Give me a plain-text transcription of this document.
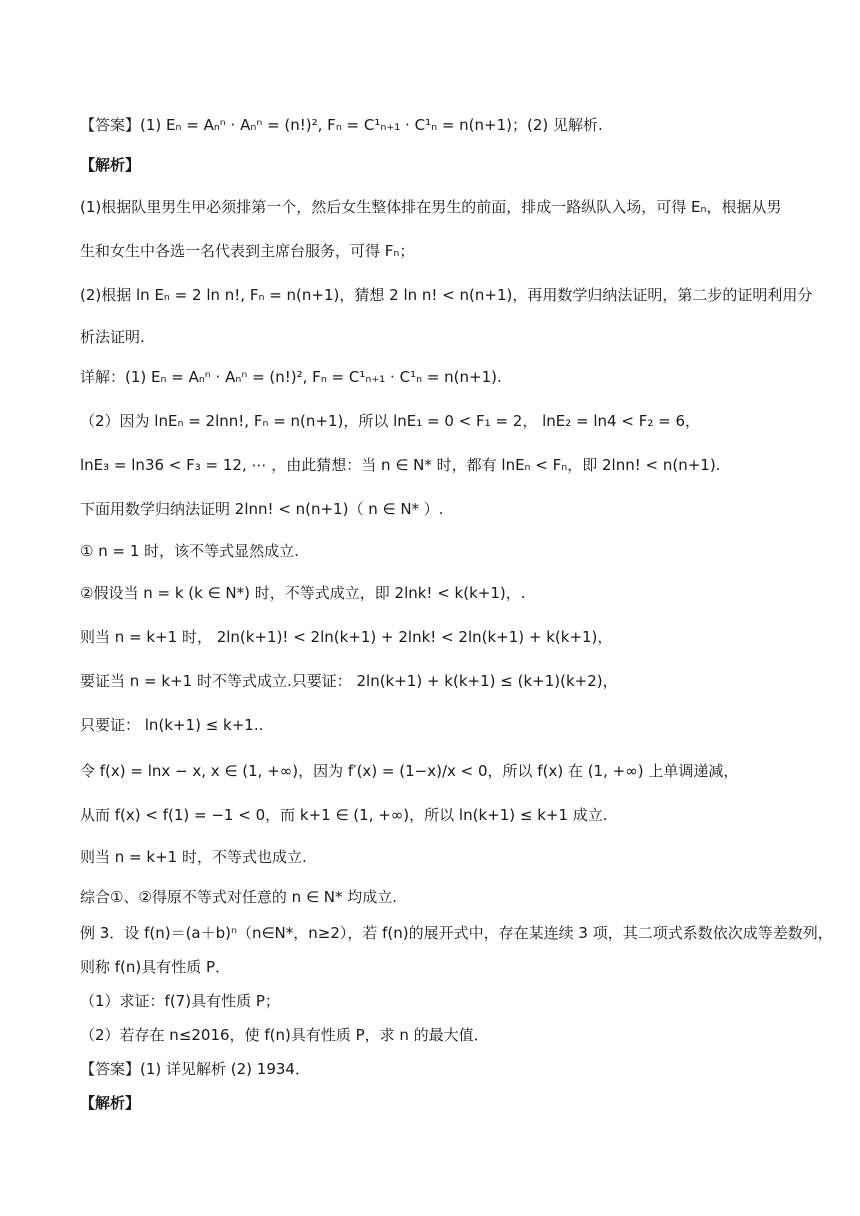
【答案】(1) Eₙ = Aₙⁿ · Aₙⁿ = (n!)², Fₙ = C¹ₙ₊₁ · C¹ₙ = n(n+1)；(2) 见解析.
【解析】
(1)根据队里男生甲必须排第一个，然后女生整体排在男生的前面，排成一路纵队入场，可得 Eₙ，根据从男
生和女生中各选一名代表到主席台服务，可得 Fₙ；
(2)根据 ln Eₙ = 2 ln n!, Fₙ = n(n+1)，猜想 2 ln n! < n(n+1)，再用数学归纳法证明，第二步的证明利用分
析法证明.
详解：(1) Eₙ = Aₙⁿ · Aₙⁿ = (n!)², Fₙ = C¹ₙ₊₁ · C¹ₙ = n(n+1).
（2）因为 lnEₙ = 2lnn!, Fₙ = n(n+1)，所以 lnE₁ = 0 < F₁ = 2， lnE₂ = ln4 < F₂ = 6，
lnE₃ = ln36 < F₃ = 12, ⋯ ，由此猜想：当 n ∈ N* 时，都有 lnEₙ < Fₙ，即 2lnn! < n(n+1).
下面用数学归纳法证明 2lnn! < n(n+1)（ n ∈ N* ）.
① n = 1 时，该不等式显然成立.
②假设当 n = k (k ∈ N*) 时，不等式成立，即 2lnk! < k(k+1)，.
则当 n = k+1 时， 2ln(k+1)! < 2ln(k+1) + 2lnk! < 2ln(k+1) + k(k+1)，
要证当 n = k+1 时不等式成立.只要证： 2ln(k+1) + k(k+1) ≤ (k+1)(k+2)，
只要证： ln(k+1) ≤ k+1..
令 f(x) = lnx − x, x ∈ (1, +∞)，因为 f′(x) = (1−x)/x < 0，所以 f(x) 在 (1, +∞) 上单调递减，
从而 f(x) < f(1) = −1 < 0，而 k+1 ∈ (1, +∞)，所以 ln(k+1) ≤ k+1 成立.
则当 n = k+1 时，不等式也成立.
综合①、②得原不等式对任意的 n ∈ N* 均成立.
例 3．设 f(n)＝(a＋b)ⁿ（n∈N*，n≥2），若 f(n)的展开式中，存在某连续 3 项，其二项式系数依次成等差数列，
则称 f(n)具有性质 P．
（1）求证：f(7)具有性质 P；
（2）若存在 n≤2016，使 f(n)具有性质 P，求 n 的最大值．
【答案】(1) 详见解析 (2) 1934．
【解析】
